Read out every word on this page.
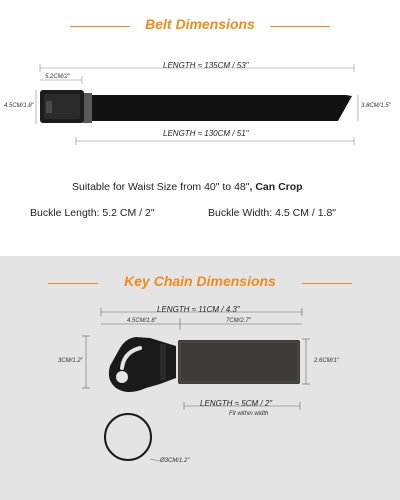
Belt Dimensions
LENGTH ≈ 135CM / 53"
5.2CM/2"
4.5CM/1.8"	3.8CM/1.5"
LENGTH ≈ 130CM / 51"
Suitable for Waist Size from 40" to 48", Can Crop
Buckle Length: 5.2 CM / 2"	Buckle Width: 4.5 CM / 1.8"
Key Chain Dimensions
LENGTH ≈ 11CM / 4.3"
4.5CM/1.8"	7CM/2.7"
3CM/1.2"	2.6CM/1"
LENGTH ≈ 5CM / 2"
Fit within width
Ø3CM/1.2"
